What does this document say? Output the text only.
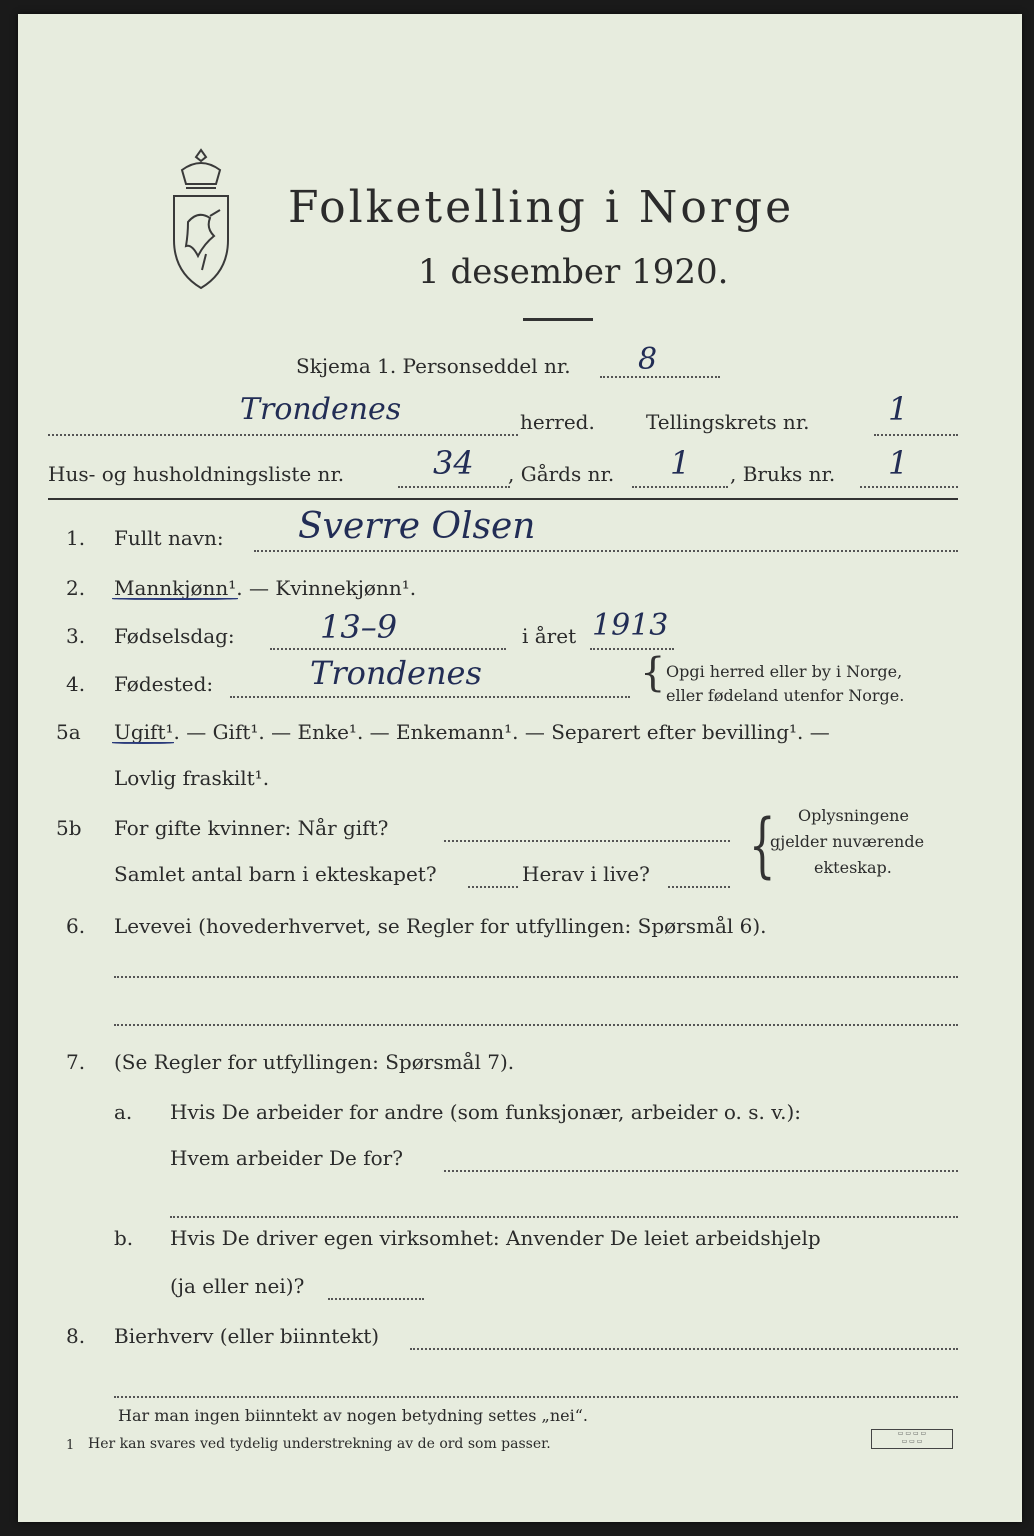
Folketelling i Norge
1 desember 1920.
Skjema 1. Personseddel nr. 8
Trondenes	herred.	Tellingskrets nr. 1
Hus- og husholdningsliste nr.	34 , Gårds nr. 1 , Bruks nr. 1
1. Fullt navn: Sverre Olsen
2. Mannkjønn¹. — Kvinnekjønn¹.
3. Fødselsdag:	13–9	i året 1913
4. Fødested:	Trondenes	{ Opgi herred eller by i Norge,
eller fødeland utenfor Norge.
5a Ugift¹. — Gift¹. — Enke¹. — Enkemann¹. — Separert efter bevilling¹. —
Lovlig fraskilt¹.
5b For gifte kvinner: Når gift?
Samlet antal barn i ekteskapet?	Herav i live? { Oplysningene
gjelder nuværende
ekteskap.
6. Levevei (hovederhvervet, se Regler for utfyllingen: Spørsmål 6).
7. (Se Regler for utfyllingen: Spørsmål 7).
a. Hvis De arbeider for andre (som funksjonær, arbeider o. s. v.):
Hvem arbeider De for?
b. Hvis De driver egen virksomhet: Anvender De leiet arbeidshjelp
(ja eller nei)?
8. Bierhverv (eller biinntekt)
Har man ingen biinntekt av nogen betydning settes „nei“.
1 Her kan svares ved tydelig understrekning av de ord som passer.
▭ ▭ ▭ ▭
▭ ▭ ▭
